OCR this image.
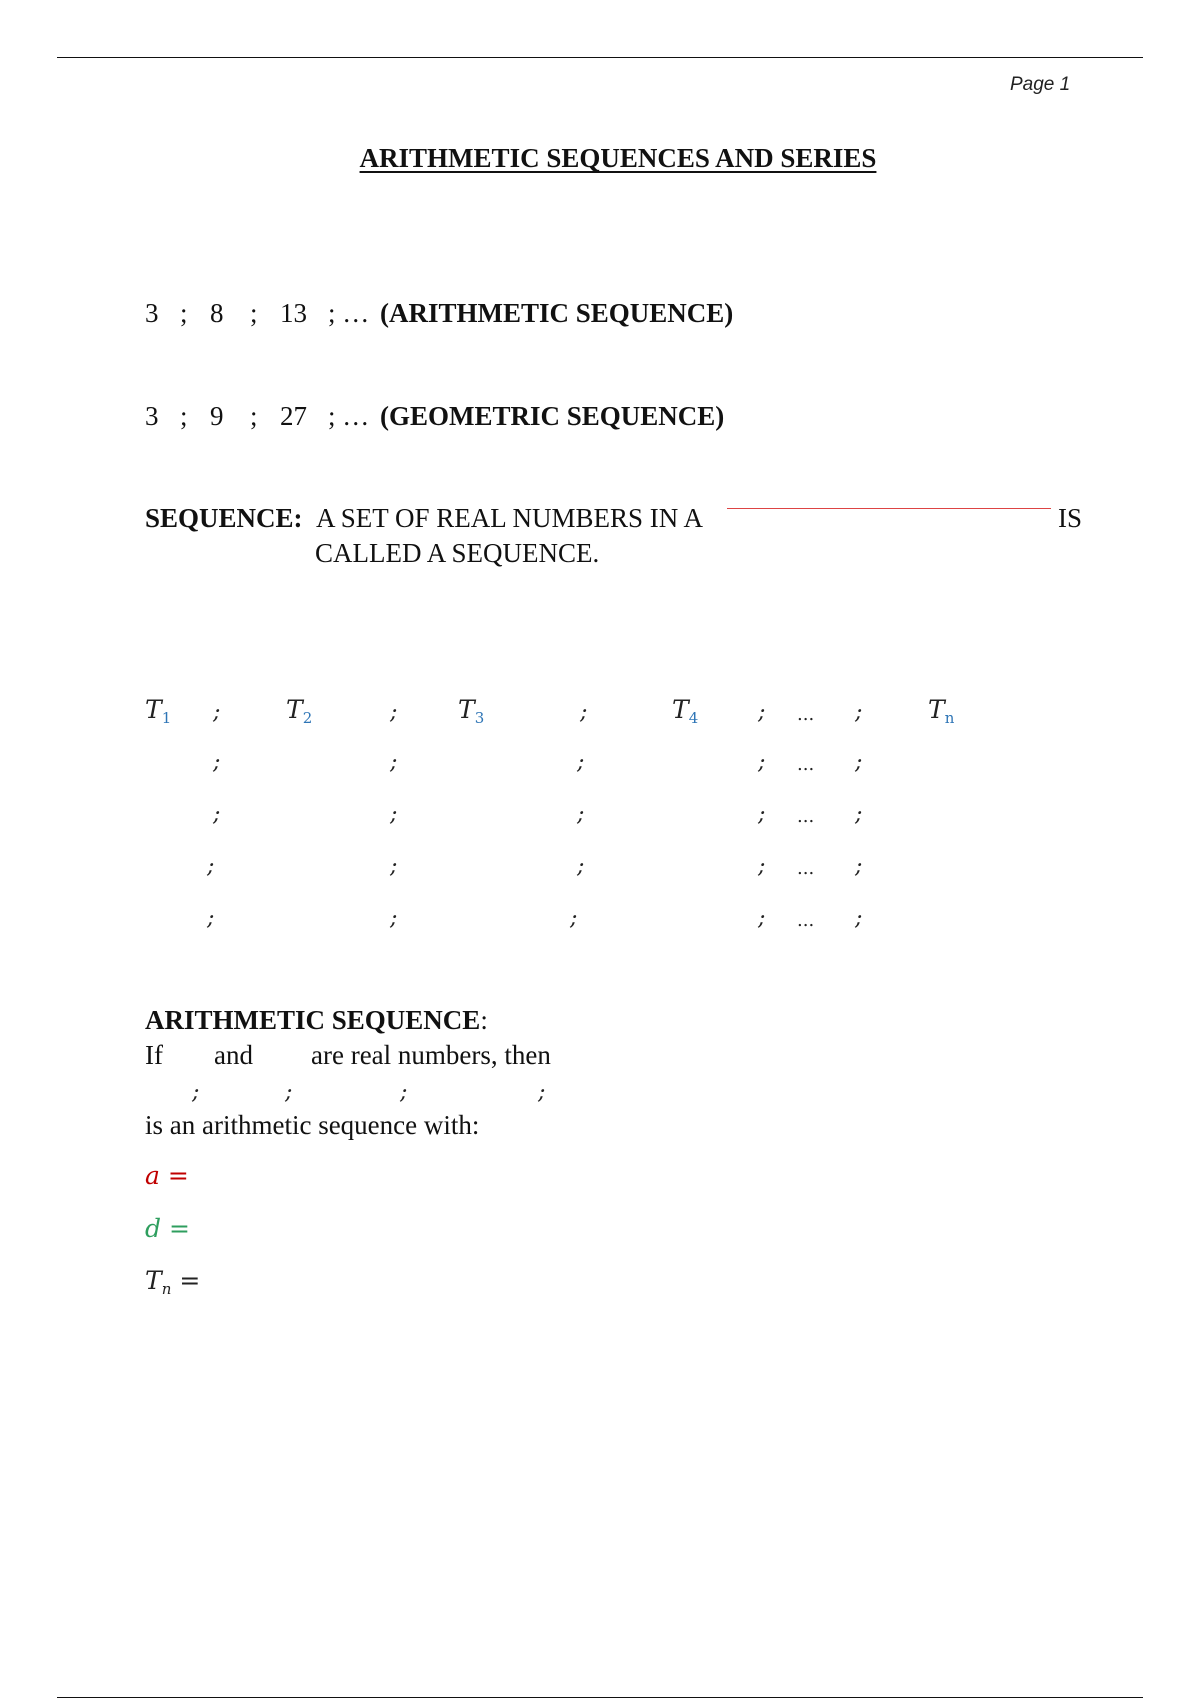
Page 1
ARITHMETIC SEQUENCES AND SERIES
3 ; 8 ; 13 ; … (ARITHMETIC SEQUENCE)
3 ; 9 ; 27 ; … (GEOMETRIC SEQUENCE)
SEQUENCE: A SET OF REAL NUMBERS IN A	IS
CALLED A SEQUENCE.
$T_1$ ;	$T_2$	; $T_3$	;	$T_4$	; ... ;	$T_n$
;	;	;	; ... ;
;	;	;	; ... ;
;	;	;	; ... ;
;	;	;	; ... ;
ARITHMETIC SEQUENCE:
If and are real numbers, then
;	;	;	;
is an arithmetic sequence with:
a =
d =
$T_n$ =
